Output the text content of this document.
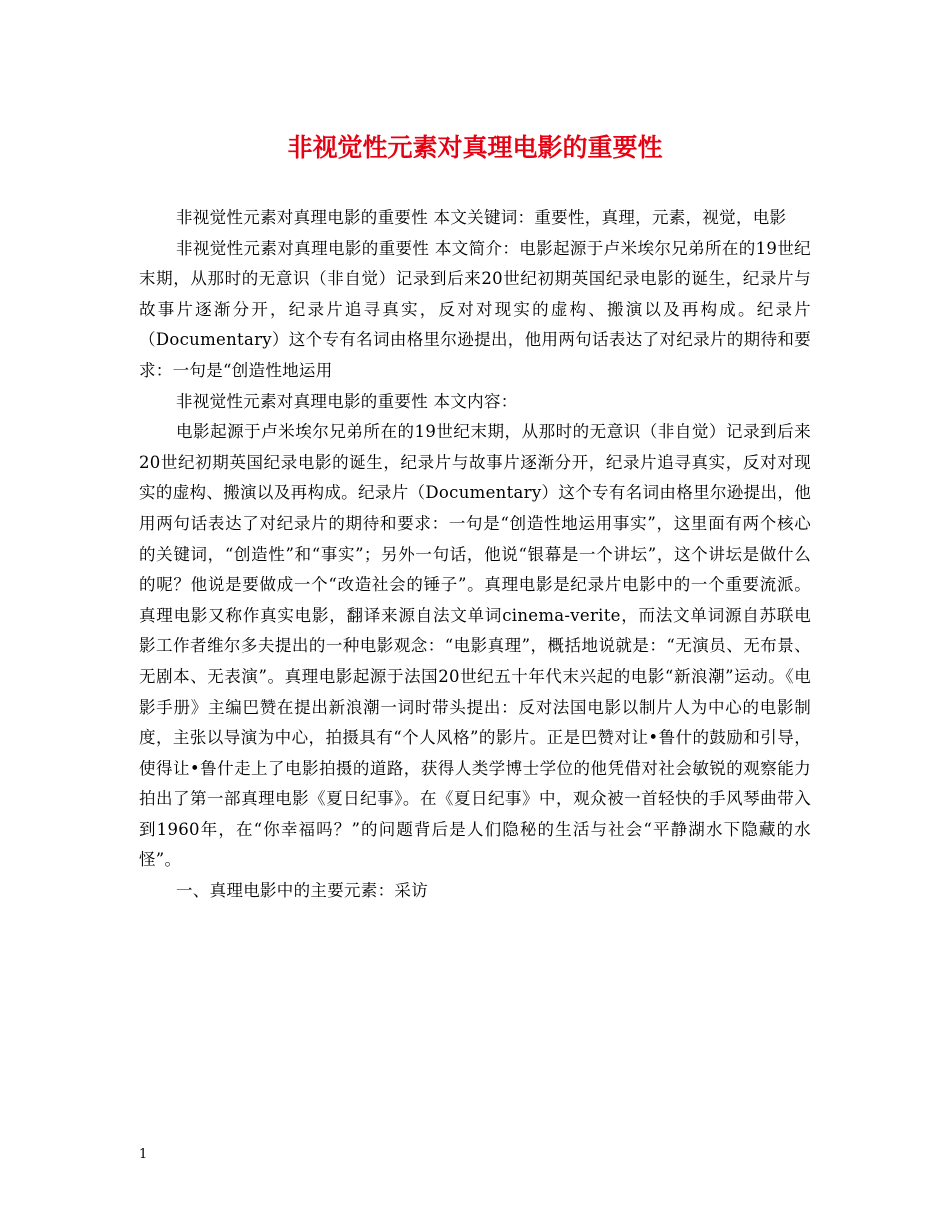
非视觉性元素对真理电影的重要性

非视觉性元素对真理电影的重要性 本文关键词：重要性，真理，元素，视觉，电影

非视觉性元素对真理电影的重要性 本文简介：电影起源于卢米埃尔兄弟所在的19世纪末期，从那时的无意识（非自觉）记录到后来20世纪初期英国纪录电影的诞生，纪录片与故事片逐渐分开，纪录片追寻真实，反对对现实的虚构、搬演以及再构成。纪录片（Documentary）这个专有名词由格里尔逊提出，他用两句话表达了对纪录片的期待和要求：一句是“创造性地运用

非视觉性元素对真理电影的重要性 本文内容：

电影起源于卢米埃尔兄弟所在的19世纪末期，从那时的无意识（非自觉）记录到后来20世纪初期英国纪录电影的诞生，纪录片与故事片逐渐分开，纪录片追寻真实，反对对现实的虚构、搬演以及再构成。纪录片（Documentary）这个专有名词由格里尔逊提出，他用两句话表达了对纪录片的期待和要求：一句是“创造性地运用事实”，这里面有两个核心的关键词，“创造性”和“事实”；另外一句话，他说“银幕是一个讲坛”，这个讲坛是做什么的呢？他说是要做成一个“改造社会的锤子”。真理电影是纪录片电影中的一个重要流派。真理电影又称作真实电影，翻译来源自法文单词cinema-verite，而法文单词源自苏联电影工作者维尔多夫提出的一种电影观念：“电影真理”，概括地说就是：“无演员、无布景、无剧本、无表演”。真理电影起源于法国20世纪五十年代末兴起的电影“新浪潮”运动。《电影手册》主编巴赞在提出新浪潮一词时带头提出：反对法国电影以制片人为中心的电影制度，主张以导演为中心，拍摄具有“个人风格”的影片。正是巴赞对让•鲁什的鼓励和引导，使得让•鲁什走上了电影拍摄的道路，获得人类学博士学位的他凭借对社会敏锐的观察能力拍出了第一部真理电影《夏日纪事》。在《夏日纪事》中，观众被一首轻快的手风琴曲带入到1960年，在“你幸福吗？”的问题背后是人们隐秘的生活与社会“平静湖水下隐藏的水怪”。

一、真理电影中的主要元素：采访

1
